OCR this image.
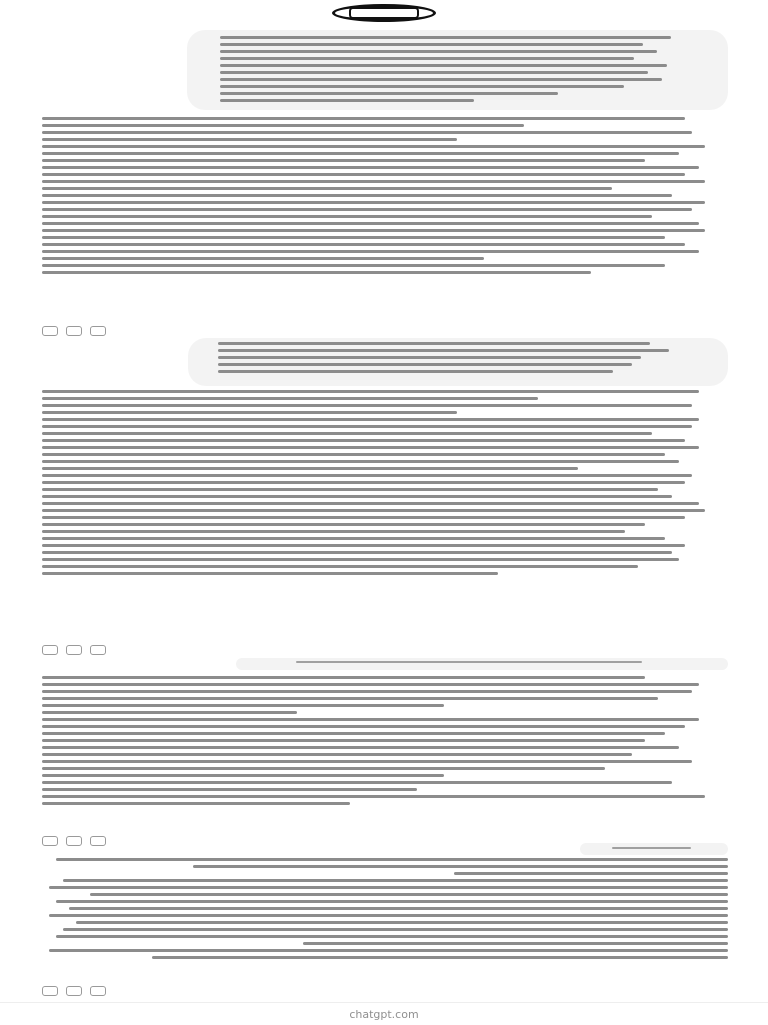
chatgpt.com
